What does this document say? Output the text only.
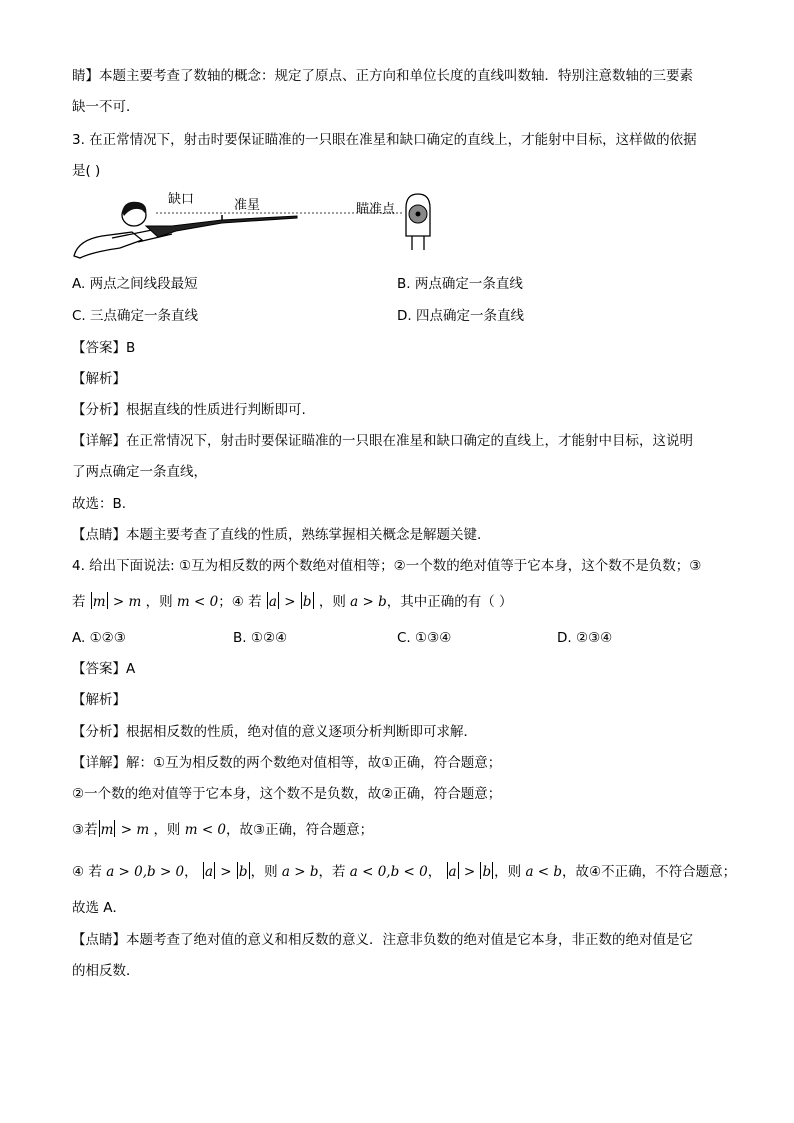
睛】本题主要考查了数轴的概念：规定了原点、正方向和单位长度的直线叫数轴．特别注意数轴的三要素
缺一不可．
3. 在正常情况下，射击时要保证瞄准的一只眼在准星和缺口确定的直线上，才能射中目标，这样做的依据
是( )
缺口	准星	瞄准点
A. 两点之间线段最短	B. 两点确定一条直线
C. 三点确定一条直线	D. 四点确定一条直线
【答案】B
【解析】
【分析】根据直线的性质进行判断即可.
【详解】在正常情况下，射击时要保证瞄准的一只眼在准星和缺口确定的直线上，才能射中目标，这说明
了两点确定一条直线，
故选：B.
【点睛】本题主要考查了直线的性质，熟练掌握相关概念是解题关键.
4. 给出下面说法: ①互为相反数的两个数绝对值相等；②一个数的绝对值等于它本身，这个数不是负数；③
若 m > m ，则 m < 0；④ 若 a > b ，则 a > b，其中正确的有（ ）
A. ①②③	B. ①②④	C. ①③④	D. ②③④
【答案】A
【解析】
【分析】根据相反数的性质，绝对值的意义逐项分析判断即可求解．
【详解】解：①互为相反数的两个数绝对值相等，故①正确，符合题意；
②一个数的绝对值等于它本身，这个数不是负数，故②正确，符合题意；
③若 m > m ，则 m < 0，故③正确，符合题意；
④ 若 a > 0,b > 0， a > b ，则 a > b，若 a < 0,b < 0， a > b ，则 a < b，故④不正确，不符合题意；
故选 A．
【点睛】本题考查了绝对值的意义和相反数的意义．注意非负数的绝对值是它本身，非正数的绝对值是它
的相反数．
